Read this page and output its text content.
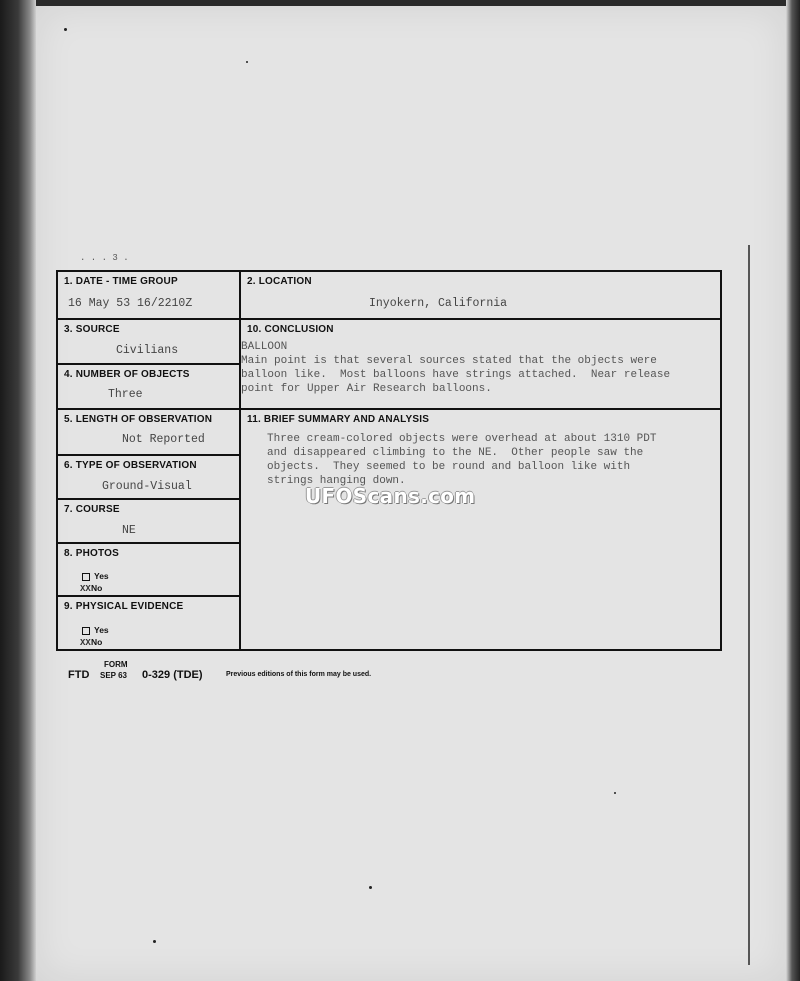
. . . 3 .
1. DATE - TIME GROUP
16 May 53 16/2210Z
2. LOCATION
Inyokern, California
3. SOURCE
Civilians
10. CONCLUSION
BALLOON
Main point is that several sources stated that the objects were
balloon like.  Most balloons have strings attached.  Near release
point for Upper Air Research balloons.
4. NUMBER OF OBJECTS
Three
5. LENGTH OF OBSERVATION
Not Reported
11. BRIEF SUMMARY AND ANALYSIS
Three cream-colored objects were overhead at about 1310 PDT
and disappeared climbing to the NE.  Other people saw the
objects.  They seemed to be round and balloon like with
strings hanging down.
6. TYPE OF OBSERVATION
Ground-Visual
7. COURSE
NE
8. PHOTOS
Yes
XXNo
9. PHYSICAL EVIDENCE
Yes
XXNo
UFOScans.com
FORM
FTD SEP 63 0-329 (TDE)	Previous editions of this form may be used.
